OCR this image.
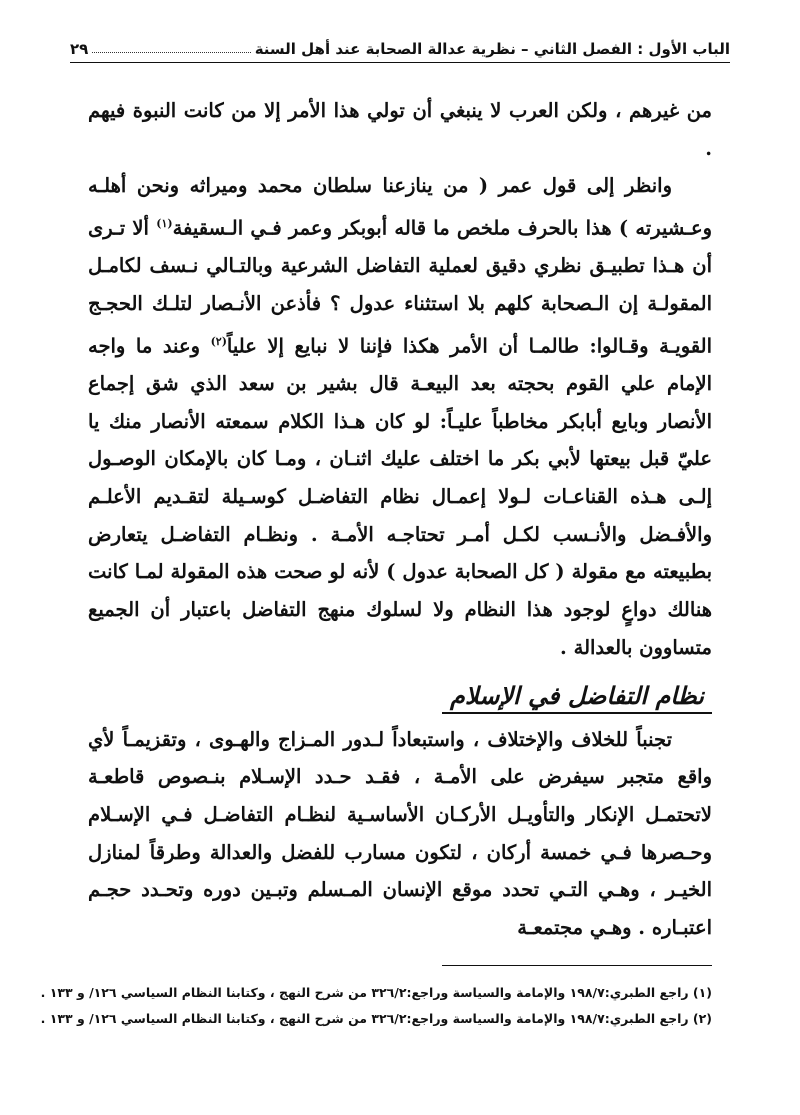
الباب الأول : الفصل الثاني – نظرية عدالة الصحابة عند أهل السنة
٢٩

من غيرهم ، ولكن العرب لا ينبغي أن تولي هذا الأمر إلا من كانت النبوة فيهم .

وانظر إلى قول عمر ( من ينازعنا سلطان محمد وميراثه ونحن أهلـه وعـشيرته ) هذا بالحرف ملخص ما قاله أبوبكر وعمر فـي الـسقيفة$^{(١)}$ ألا تـرى أن هـذا تطبيـق نظري دقيق لعملية التفاضل الشرعية وبالتـالي نـسف لكامـل المقولـة إن الـصحابة كلهم بلا استثناء عدول ؟ فأذعن الأنـصار لتلـك الحجـج القويـة وقـالوا: طالمـا أن الأمر هكذا فإننا لا نبايع إلا علياً$^{(٢)}$ وعند ما واجه الإمام علي القوم بحجته بعد البيعـة قال بشير بن سعد الذي شق إجماع الأنصار وبايع أبابكر مخاطباً عليـاً: لو كان هـذا الكلام سمعته الأنصار منك يا عليّ قبل بيعتها لأبي بكر ما اختلف عليك اثنـان ، ومـا كان بالإمكان الوصـول إلـى هـذه القناعـات لـولا إعمـال نظام التفاضـل كوسـيلة لتقـديم الأعلـم والأفـضل والأنـسب لكـل أمـر تحتاجـه الأمـة . ونظـام التفاضـل يتعارض بطبيعته مع مقولة ( كل الصحابة عدول ) لأنه لو صحت هذه المقولة لمـا كانت هنالك دواعٍ لوجود هذا النظام ولا لسلوك منهج التفاضل باعتبار أن الجميع متساوون بالعدالة .

نظام التفاضل في الإسلام

تجنباً للخلاف والإختلاف ، واستبعاداً لـدور المـزاج والهـوى ، وتقزيمـاً لأي واقع متجبر سيفرض على الأمـة ، فقـد حـدد الإسـلام بنـصوص قاطعـة لاتحتمـل الإنكار والتأويـل الأركـان الأساسـية لنظـام التفاضـل فـي الإسـلام وحـصرها فـي خمسة أركان ، لتكون مسارب للفضل والعدالة وطرقاً لمنازل الخيـر ، وهـي التـي تحدد موقع الإنسان المـسلم وتبـين دوره وتحـدد حجـم اعتبـاره . وهـي مجتمعـة

(١) راجع الطبري:١٩٨/٧ والإمامة والسياسة وراجع:٣٢٦/٢ من شرح النهج ، وكتابنا النظام السياسي ١٢٦/ و ١٣٣ .
(٢) راجع الطبري:١٩٨/٧ والإمامة والسياسة وراجع:٣٢٦/٢ من شرح النهج ، وكتابنا النظام السياسي ١٢٦/ و ١٣٣ .
